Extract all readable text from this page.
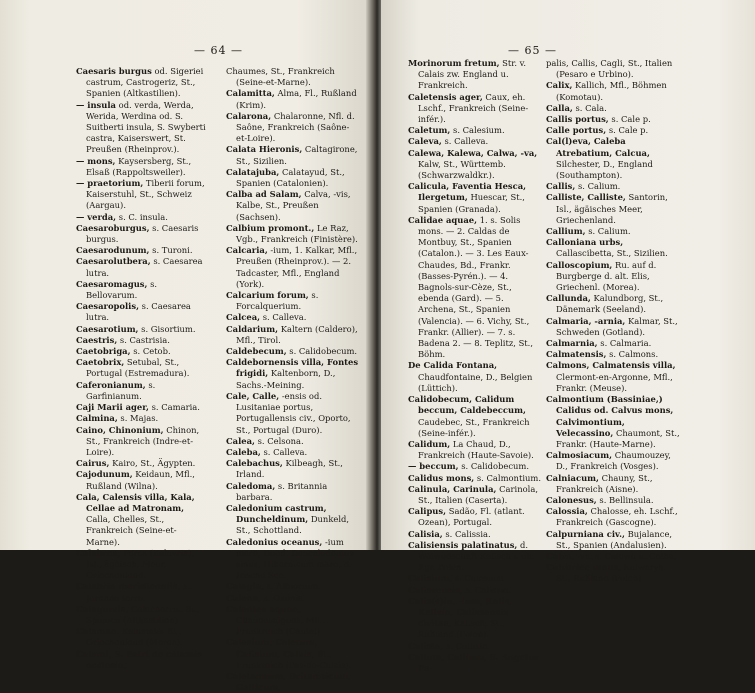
— 64 —

Caesaris burgus od. Sigeriei castrum, Castrogeriz, St., Spanien (Altkastilien).

— insula od. verda, Werda, Werida, Werdina od. S. Suitberti insula, S. Swyberti castra, Kaiserswert, St. Preußen (Rheinprov.).

— mons, Kaysersberg, St., Elsaß (Rappoltsweiler).

— praetorium, Tiberii forum, Kaiserstuhl, St., Schweiz (Aargau).

— verda, s. C. insula.

Caesaroburgus, s. Caesaris burgus.

Caesarodunum, s. Turoni.

Caesarolutbera, s. Caesarea lutra.

Caesaromagus, s. Bellovarum.

Caesaropolis, s. Caesarea lutra.

Caesarotium, s. Gisortium.

Caestris, s. Castrisia.

Caetobriga, s. Cetob.

Caetobrix, Setubal, St., Portugal (Estremadura).

Caferonianum, s. Garfinianum.

Caji Marii ager, s. Camaria.

Calmina, s. Majas.

Caino, Chinonium, Chinon, St., Frankreich (Indre-et-Loire).

Cairus, Kairo, St., Ägypten.

Cajodunum, Keidaun, Mfl., Rußland (Wilna).

Cala, Calensis villa, Kala, Cellae ad Matronam, Calla, Chelles, St., Frankreich (Seine-et-Marne).

Calabrea, Poros (Kalavria), Isl., ägäisch. Meer, Griechenland.

Calabria meridionalis, s. Jordana terra.

Calagurris, Calachorris, St., Spanien (Altkastilien).

Calamae, Kalamata, St., Griechenland (Morea).

Calami, S. Petri de calamis ecclesia,

Chaumes, St., Frankreich (Seine-et-Marne).

Calamitta, Alma, Fl., Rußland (Krim).

Calarona, Chalaronne, Nfl. d. Saône, Frankreich (Saône-et-Loire).

Calata Hieronis, Caltagirone, St., Sizilien.

Calatajuba, Calatayud, St., Spanien (Catalonien).

Calba ad Salam, Calva, -vis, Kalbe, St., Preußen (Sachsen).

Calbium promont., Le Raz, Vgb., Frankreich (Finistère).

Calcaria, -ium, 1. Kalkar, Mfl., Preußen (Rheinprov.). — 2. Tadcaster, Mfl., England (York).

Calcarium forum, s. Forcalquerium.

Calcea, s. Calleva.

Caldarium, Kaltern (Caldero), Mfl., Tirol.

Caldebecum, s. Calidobecum.

Caldebornensis villa, Fontes frigidi, Kaltenborn, D., Sachs.-Meining.

Cale, Calle, -ensis od. Lusitaniae portus, Portugallensis civ., Oporto, St., Portugal (Duro).

Calea, s. Celsona.

Caleba, s. Calleva.

Calebachus, Kilbeagh, St., Irland.

Caledoma, s. Britannia barbara.

Caledonium castrum, Duncheldinum, Dunkeld, St., Schottland.

Caledonius oceanus, -ium mare, Duod. Deucaledonius sinus, Hibernicum mare, d. Irische See.

Calegia, s. Albiorium.

Calena, s. Oxonia.

Calentes aquae, Chaudesaigues, Mfl., Frankreich (Cantal).

Calesium, Caletum, Calisium, Calais, St., Frankreich (Pas-de-Calais).

Caletannum, Britannicum, Gallicum,

— 65 —

Morinorum fretum, Str. v. Calais zw. England u. Frankreich.

Caletensis ager, Caux, eh. Lschf., Frankreich (Seine-infér.).

Caletum, s. Calesium.

Caleva, s. Calleva.

Calewa, Kalewa, Calwa, -va, Kalw, St., Württemb. (Schwarzwaldkr.).

Calicula, Faventia Hesca, Ilergetum, Huescar, St., Spanien (Granada).

Calidae aquae, 1. s. Solis mons. — 2. Caldas de Montbuy, St., Spanien (Catalon.). — 3. Les Eaux-Chaudes, Bd., Frankr. (Basses-Pyrén.). — 4. Bagnols-sur-Cèze, St., ebenda (Gard). — 5. Archena, St., Spanien (Valencia). — 6. Vichy, St., Frankr. (Allier). — 7. s. Badena 2. — 8. Teplitz, St., Böhm.

De Calida Fontana, Chaudfontaine, D., Belgien (Lüttich).

Calidobecum, Calidum beccum, Caldebeccum, Caudebec, St., Frankreich (Seine-infér.).

Calidum, La Chaud, D., Frankreich (Haute-Savoie).

— beccum, s. Calidobecum.

Calidus mons, s. Calmontium.

Calinula, Carinula, Carinola, St., Italien (Caserta).

Calipus, Sadão, Fl. (atlant. Ozean), Portugal.

Calisia, s. Calissia.

Calisiensis palatinatus, d. Woiwodschaft Kalisch i. eh. Kgr. Polen.

Calisium, s. Calesium.

Calissensis, s. Calissia.

Calis(s)ia, -ium, Kalis, Kalisia, Calissensis civitas, Kalisch, St., Rußland (Polen).

Calista, s. Calliste.

Callum, Callium, S. Angelus Pa-

palis, Callis, Cagli, St., Italien (Pesaro e Urbino).

Calix, Kallich, Mfl., Böhmen (Komotau).

Calla, s. Cala.

Callis portus, s. Cale p.

Calle portus, s. Cale p.

Cal(l)eva, Caleba Atrebatium, Calcua, Silchester, D., England (Southampton).

Callis, s. Calium.

Calliste, Calliste, Santorin, Isl., ägäisches Meer, Griechenland.

Callium, s. Calium.

Calloniana urbs, Callascibetta, St., Sizilien.

Calloscopium, Ru. auf d. Burgberge d. alt. Elis, Griechenl. (Morea).

Callunda, Kalundborg, St., Dänemark (Seeland).

Calmaria, -arnia, Kalmar, St., Schweden (Gotland).

Calmarnia, s. Calmaria.

Calmatensis, s. Calmons.

Calmons, Calmatensis villa, Clermont-en-Argonne, Mfl., Frankr. (Meuse).

Calmontium (Bassiniae,) Calidus od. Calvus mons, Calvimontium, Velecassino, Chaumont, St., Frankr. (Haute-Marne).

Calmosiacum, Chaumouzey, D., Frankreich (Vosges).

Calniacum, Chauny, St., Frankreich (Aisne).

Calonesus, s. Bellinsula.

Calossia, Chalosse, eh. Lschf., Frankreich (Gascogne).

Calpurniana civ., Bujalance, St., Spanien (Andalusien).

Calva, -va, s. Calewa u. Calba.

Calvariae mons, Kalwarya, St., Rußland (Polen).
